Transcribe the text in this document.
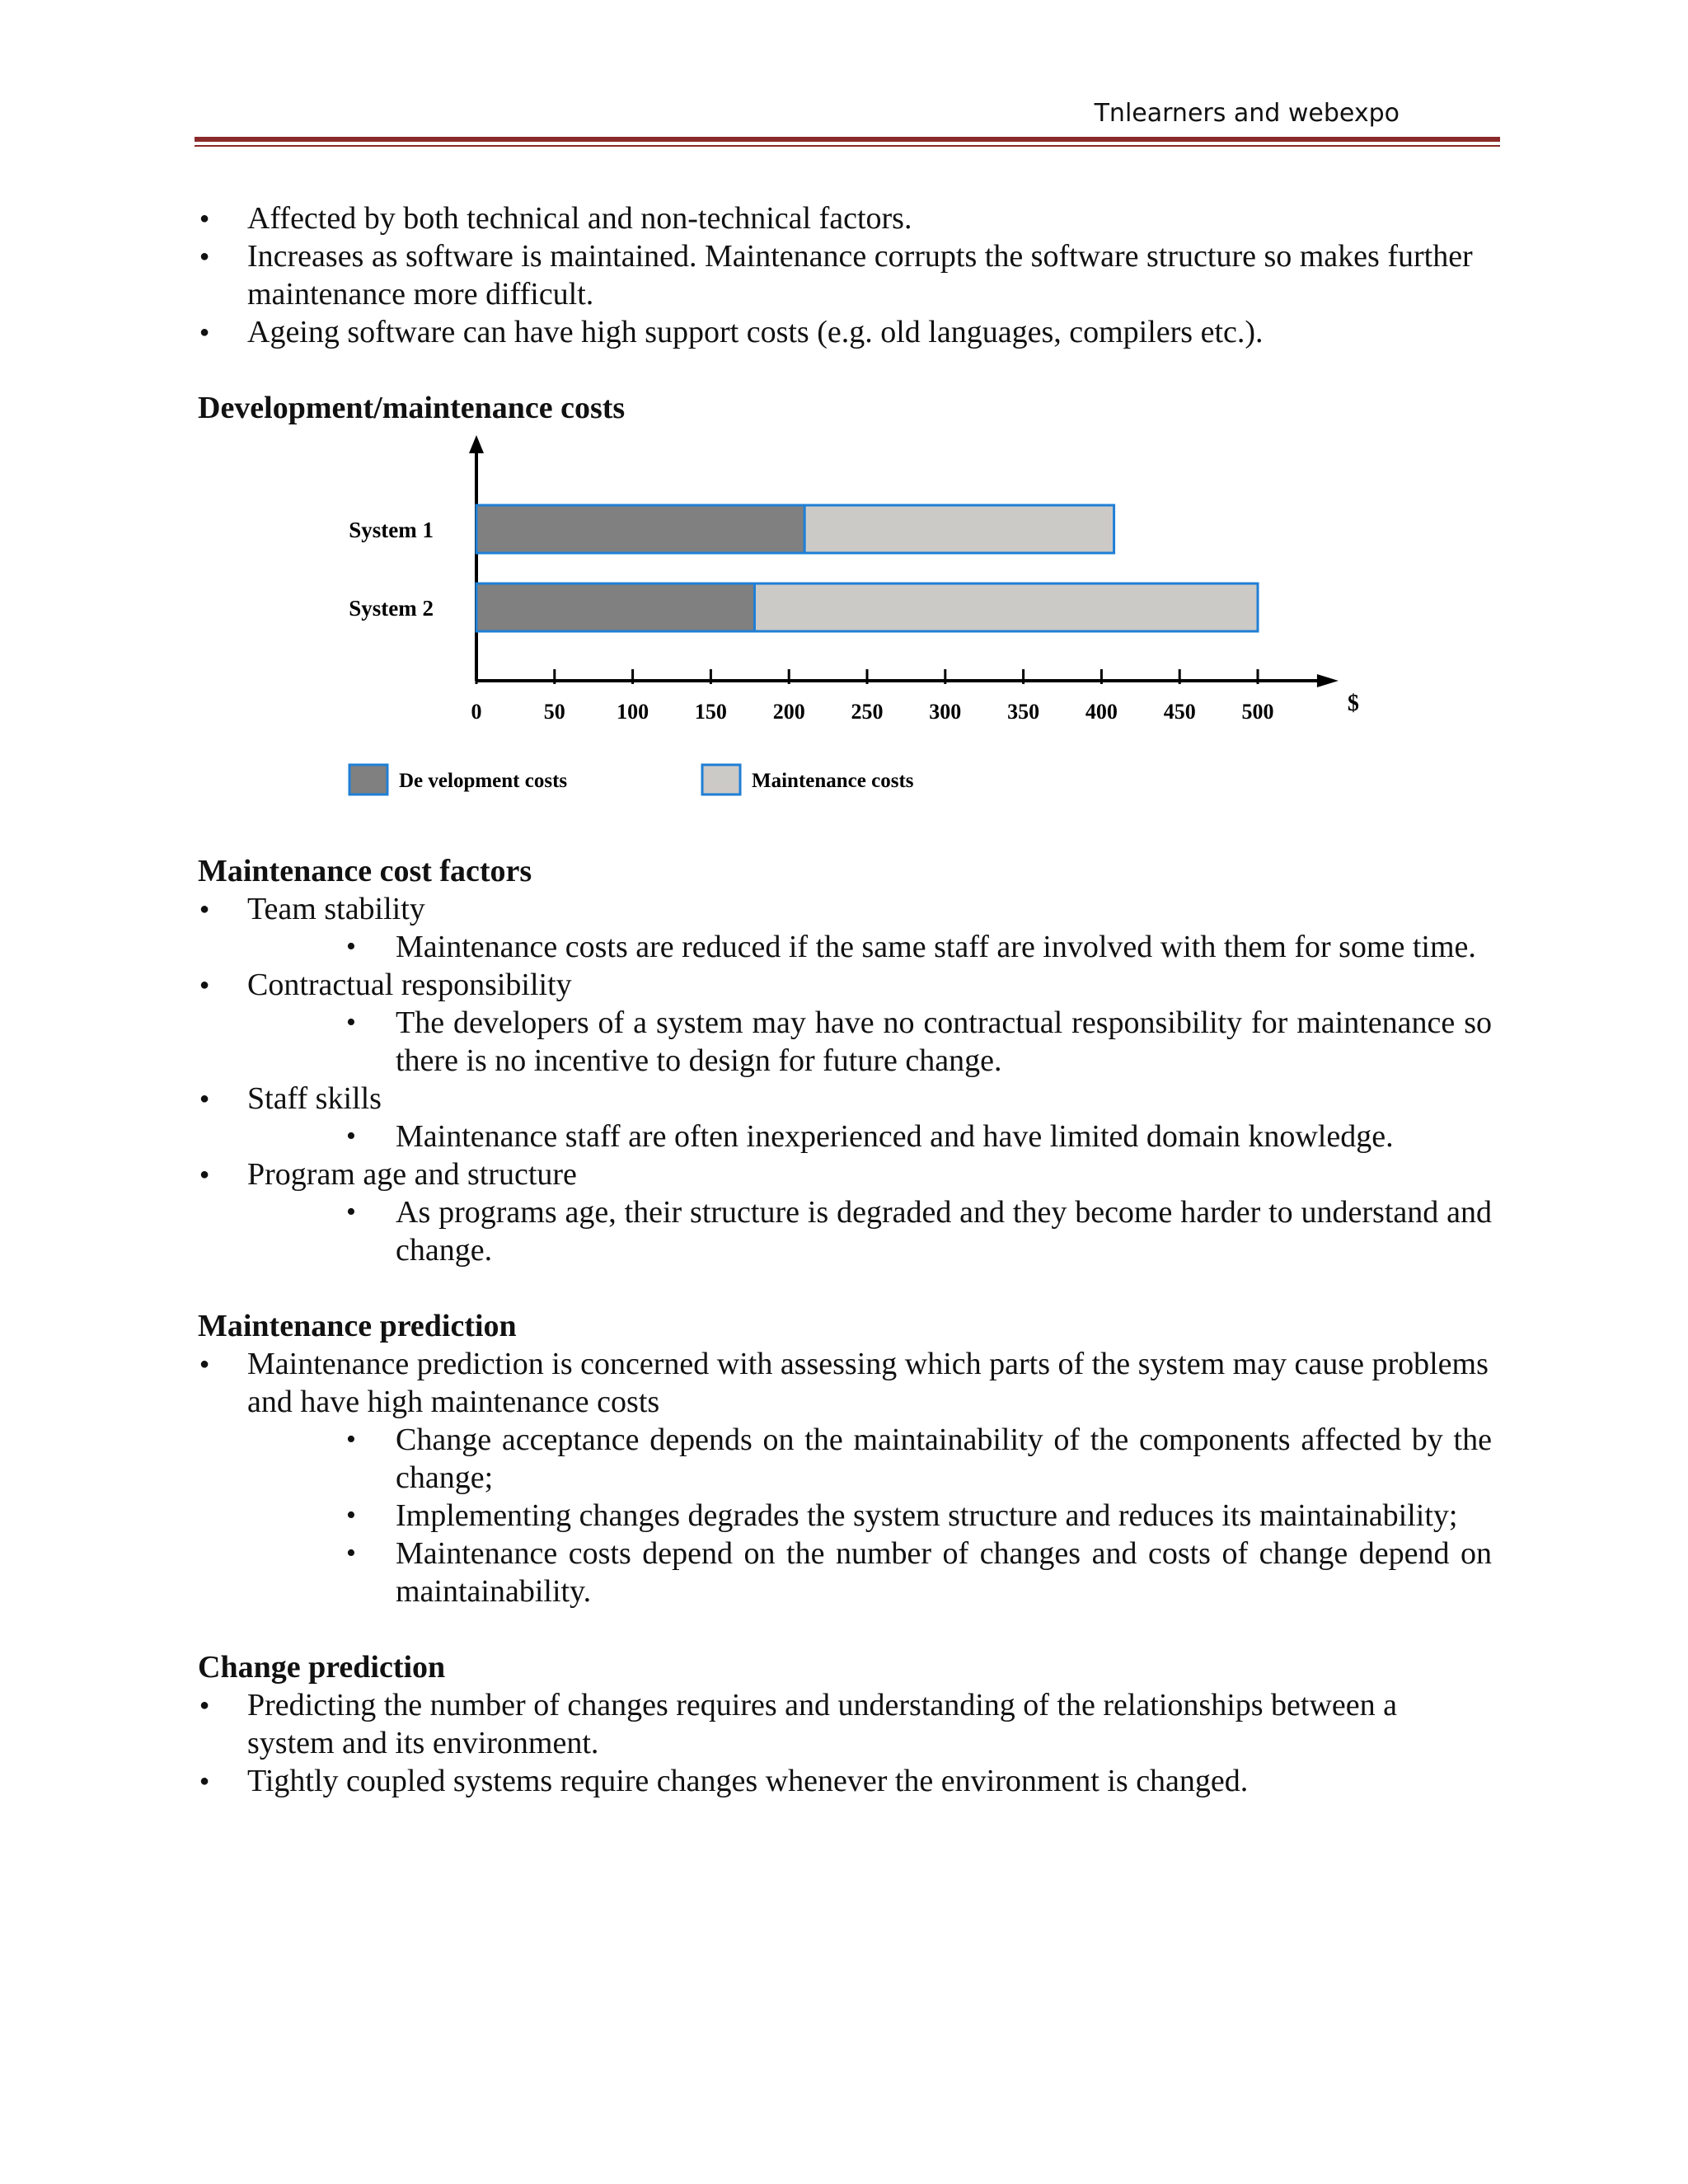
Tnlearners and webexpo
● Affected by both technical and non-technical factors.
● Increases as software is maintained. Maintenance corrupts the software structure so makes further maintenance more difficult.
● Ageing software can have high support costs (e.g. old languages, compilers etc.).

Development/maintenance costs

0	50 100 150 200 250 300 350 400 450 500	$
System 1
System 2
De velopment costs	Maintenance costs

Maintenance cost factors

● Team stability
• Maintenance costs are reduced if the same staff are involved with them for some time.
● Contractual responsibility
• The developers of a system may have no contractual responsibility for maintenance so there is no incentive to design for future change.
● Staff skills
• Maintenance staff are often inexperienced and have limited domain knowledge.
● Program age and structure
• As programs age, their structure is degraded and they become harder to understand and change.

Maintenance prediction

● Maintenance prediction is concerned with assessing which parts of the system may cause problems and have high maintenance costs
• Change acceptance depends on the maintainability of the components affected by the change;
• Implementing changes degrades the system structure and reduces its maintainability;
• Maintenance costs depend on the number of changes and costs of change depend on maintainability.

Change prediction

● Predicting the number of changes requires and understanding of the relationships between a system and its environment.
● Tightly coupled systems require changes whenever the environment is changed.
